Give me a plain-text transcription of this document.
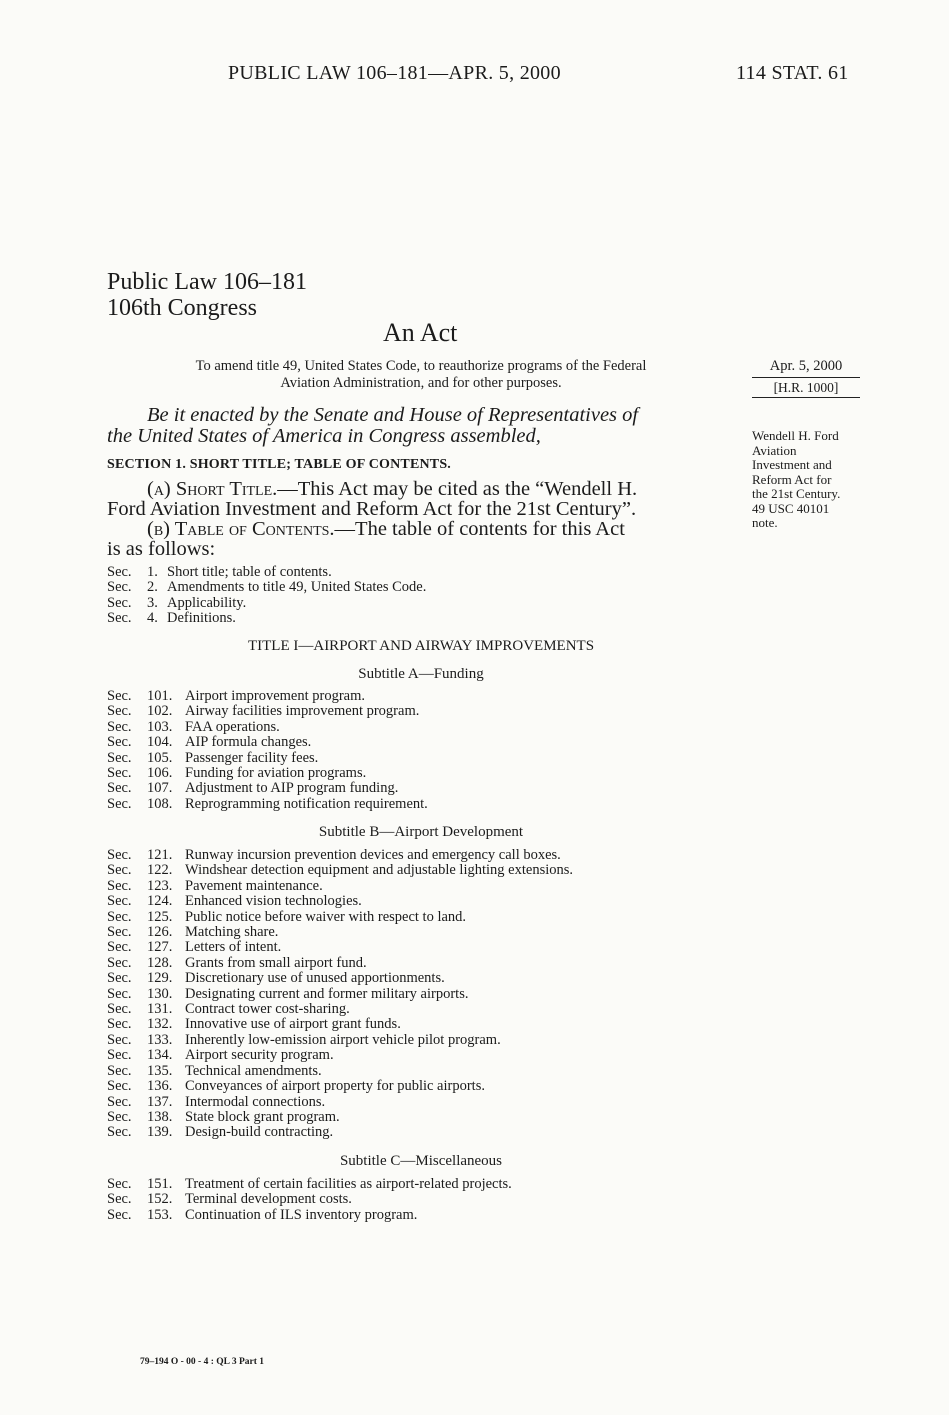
PUBLIC LAW 106–181—APR. 5, 2000	114 STAT. 61
Public Law 106–181
106th Congress
An Act
To amend title 49, United States Code, to reauthorize programs of the Federal
Aviation Administration, and for other purposes.
Apr. 5, 2000
[H.R. 1000]
Wendell H. Ford
Aviation
Investment and
Reform Act for
the 21st Century.
49 USC 40101
note.
Be it enacted by the Senate and House of Representatives of
the United States of America in Congress assembled,
SECTION 1. SHORT TITLE; TABLE OF CONTENTS.
(a) Short Title.—This Act may be cited as the “Wendell H.
Ford Aviation Investment and Reform Act for the 21st Century”.
(b) Table of Contents.—The table of contents for this Act
is as follows:
Sec. 1. Short title; table of contents.
Sec. 2. Amendments to title 49, United States Code.
Sec. 3. Applicability.
Sec. 4. Definitions.
TITLE I—AIRPORT AND AIRWAY IMPROVEMENTS
Subtitle A—Funding
Sec. 101. Airport improvement program.
Sec. 102. Airway facilities improvement program.
Sec. 103. FAA operations.
Sec. 104. AIP formula changes.
Sec. 105. Passenger facility fees.
Sec. 106. Funding for aviation programs.
Sec. 107. Adjustment to AIP program funding.
Sec. 108. Reprogramming notification requirement.
Subtitle B—Airport Development
Sec. 121. Runway incursion prevention devices and emergency call boxes.
Sec. 122. Windshear detection equipment and adjustable lighting extensions.
Sec. 123. Pavement maintenance.
Sec. 124. Enhanced vision technologies.
Sec. 125. Public notice before waiver with respect to land.
Sec. 126. Matching share.
Sec. 127. Letters of intent.
Sec. 128. Grants from small airport fund.
Sec. 129. Discretionary use of unused apportionments.
Sec. 130. Designating current and former military airports.
Sec. 131. Contract tower cost-sharing.
Sec. 132. Innovative use of airport grant funds.
Sec. 133. Inherently low-emission airport vehicle pilot program.
Sec. 134. Airport security program.
Sec. 135. Technical amendments.
Sec. 136. Conveyances of airport property for public airports.
Sec. 137. Intermodal connections.
Sec. 138. State block grant program.
Sec. 139. Design-build contracting.
Subtitle C—Miscellaneous
Sec. 151. Treatment of certain facilities as airport-related projects.
Sec. 152. Terminal development costs.
Sec. 153. Continuation of ILS inventory program.
79–194 O - 00 - 4 : QL 3 Part 1
